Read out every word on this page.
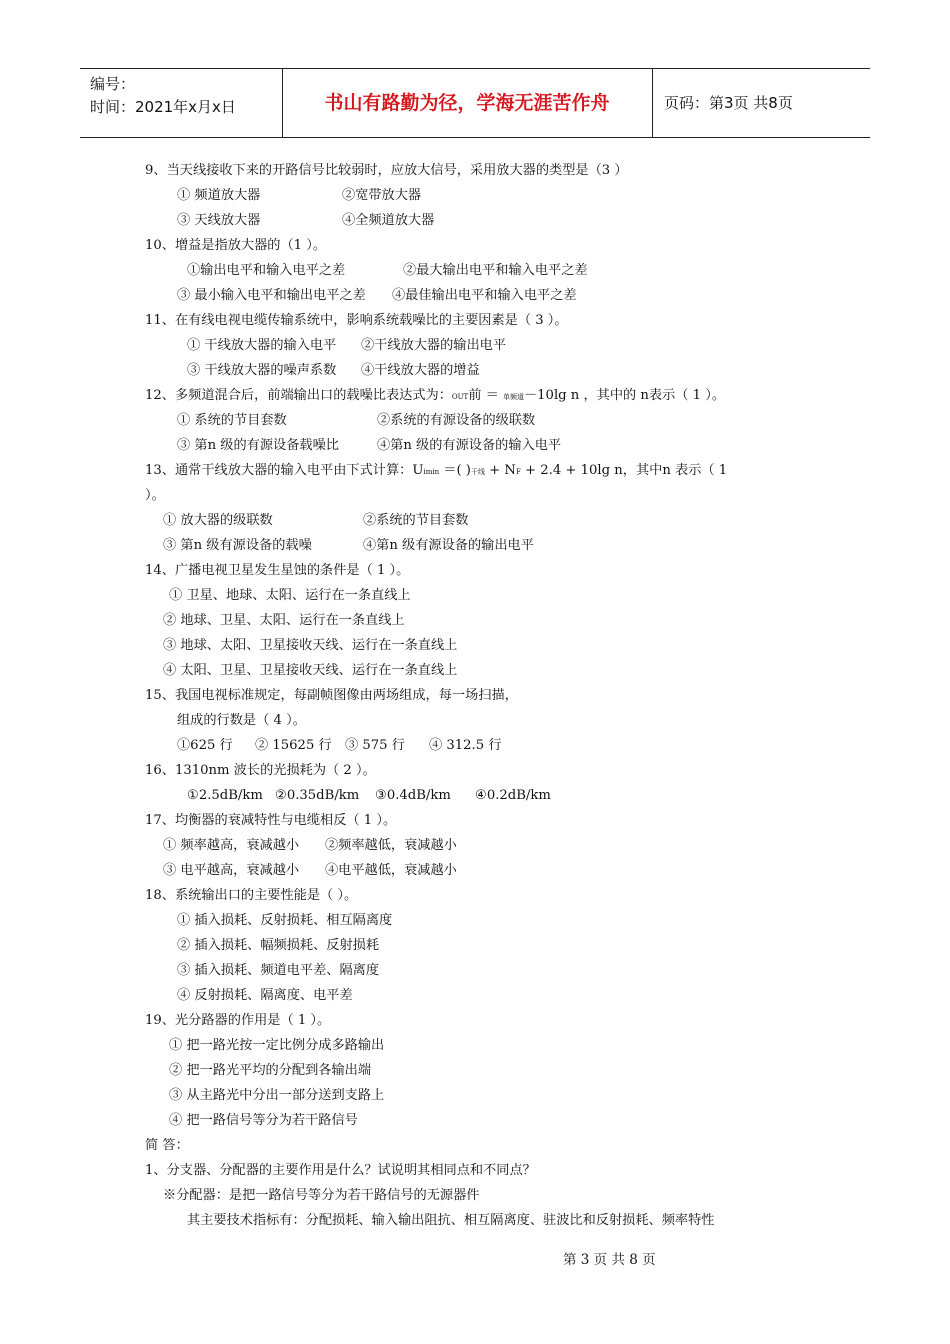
编号：
时间：2021年x月x日	书山有路勤为径，学海无涯苦作舟	页码：第3页 共8页
9、当天线接收下来的开路信号比较弱时，应放大信号，采用放大器的类型是（3 ）
① 频道放大器	②宽带放大器
③ 天线放大器	④全频道放大器
10、增益是指放大器的（1 ）。
①输出电平和输入电平之差	②最大输出电平和输入电平之差
③ 最小输入电平和输出电平之差 ④最佳输出电平和输入电平之差
11、在有线电视电缆传输系统中，影响系统载噪比的主要因素是（ 3 ）。
① 干线放大器的输入电平 ②干线放大器的输出电平
③ 干线放大器的噪声系数 ④干线放大器的增益
12、多频道混合后，前端输出口的载噪比表达式为：OUT前 ＝ 单频道－10lg n ，其中的 n表示（ 1 ）。
① 系统的节目套数	②系统的有源设备的级联数
③ 第n 级的有源设备载噪比	④第n 级的有源设备的输入电平
13、通常干线放大器的输入电平由下式计算：Uimin ＝( )干线 + NF + 2.4 + 10lg n，其中n 表示（ 1
）。
① 放大器的级联数	②系统的节目套数
③ 第n 级有源设备的载噪	④第n 级有源设备的输出电平
14、广播电视卫星发生星蚀的条件是（ 1 ）。
① 卫星、地球、太阳、运行在一条直线上
② 地球、卫星、太阳、运行在一条直线上
③ 地球、太阳、卫星接收天线、运行在一条直线上
④ 太阳、卫星、卫星接收天线、运行在一条直线上
15、我国电视标准规定，每副帧图像由两场组成，每一场扫描，
组成的行数是（ 4 ）。
①625 行 ② 15625 行 ③ 575 行 ④ 312.5 行
16、1310nm 波长的光损耗为（ 2 ）。
①2.5dB/km ②0.35dB/km ③0.4dB/km ④0.2dB/km
17、均衡器的衰减特性与电缆相反（ 1 ）。
① 频率越高，衰减越小 ②频率越低，衰减越小
③ 电平越高，衰减越小 ④电平越低，衰减越小
18、系统输出口的主要性能是（ ）。
① 插入损耗、反射损耗、相互隔离度
② 插入损耗、幅频损耗、反射损耗
③ 插入损耗、频道电平差、隔离度
④ 反射损耗、隔离度、电平差
19、光分路器的作用是（ 1 ）。
① 把一路光按一定比例分成多路输出
② 把一路光平均的分配到各输出端
③ 从主路光中分出一部分送到支路上
④ 把一路信号等分为若干路信号
简 答：
1、分支器、分配器的主要作用是什么？试说明其相同点和不同点？
※分配器：是把一路信号等分为若干路信号的无源器件
其主要技术指标有：分配损耗、输入输出阻抗、相互隔离度、驻波比和反射损耗、频率特性
第 3 页 共 8 页
